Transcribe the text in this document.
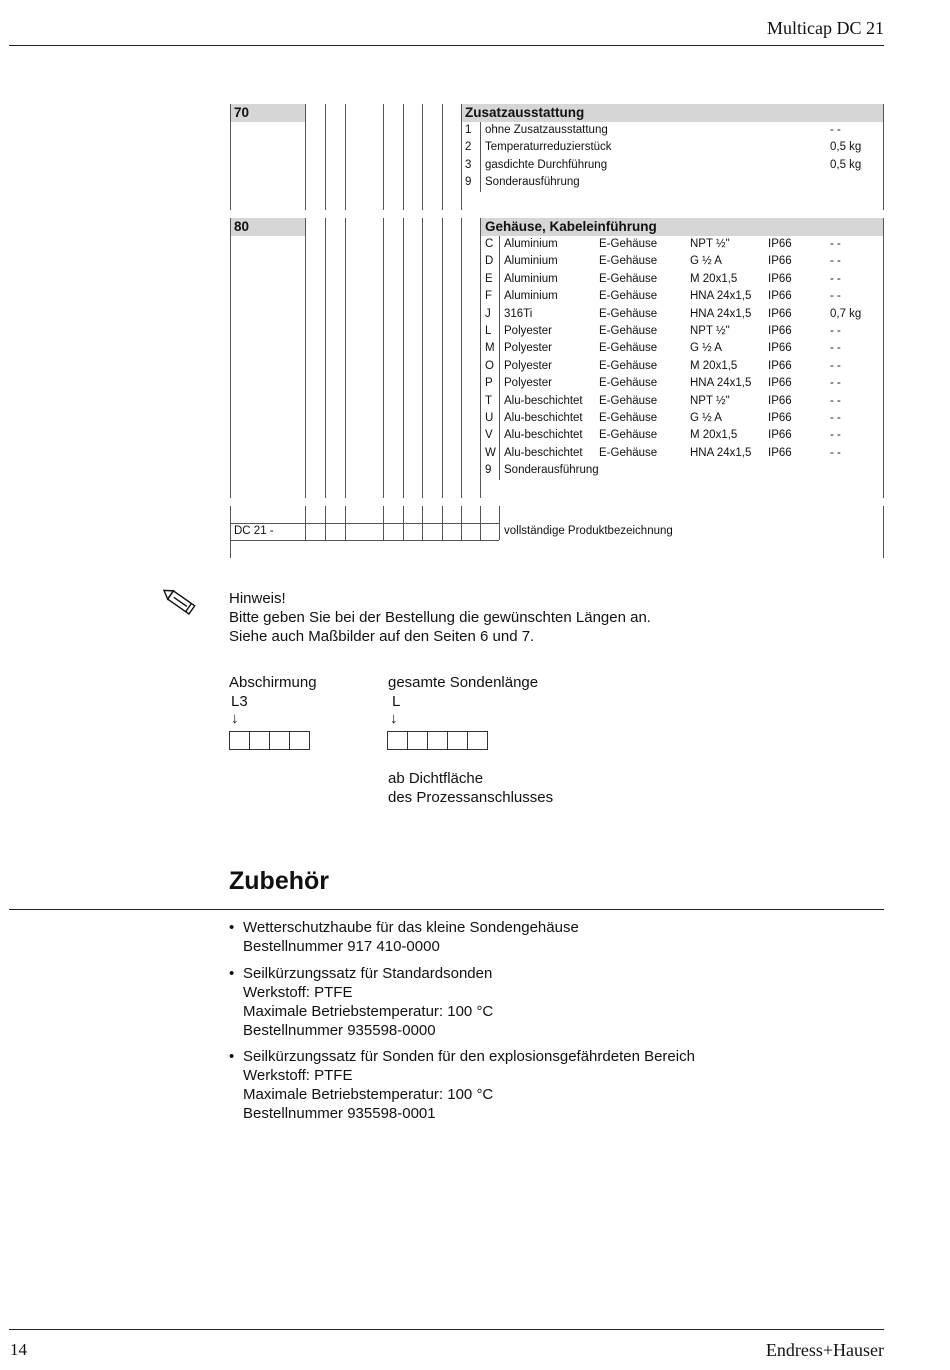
Multicap DC 21
70	Zusatzausstattung
1 ohne Zusatzausstattung	- -
2 Temperaturreduzierstück	0,5 kg
3 gasdichte Durchführung	0,5 kg
9 Sonderausführung
80	Gehäuse, Kabeleinführung
C Aluminium	E-Gehäuse	NPT ½"	IP66	- -
D Aluminium	E-Gehäuse	G ½ A	IP66	- -
E Aluminium	E-Gehäuse	M 20x1,5	IP66	- -
F Aluminium	E-Gehäuse	HNA 24x1,5 IP66	- -
J 316Ti	E-Gehäuse	HNA 24x1,5 IP66	0,7 kg
L Polyester	E-Gehäuse	NPT ½"	IP66	- -
M Polyester	E-Gehäuse	G ½ A	IP66	- -
O Polyester	E-Gehäuse	M 20x1,5	IP66	- -
P Polyester	E-Gehäuse	HNA 24x1,5 IP66	- -
T Alu-beschichtet E-Gehäuse	NPT ½"	IP66	- -
U Alu-beschichtet E-Gehäuse	G ½ A	IP66	- -
V Alu-beschichtet E-Gehäuse	M 20x1,5	IP66	- -
W Alu-beschichtet E-Gehäuse	HNA 24x1,5 IP66	- -
9 Sonderausführung
DC 21 -	vollständige Produktbezeichnung
Hinweis!
Bitte geben Sie bei der Bestellung die gewünschten Längen an.
Siehe auch Maßbilder auf den Seiten 6 und 7.
Abschirmung
L3
↓
gesamte Sondenlänge
L
↓
ab Dichtfläche
des Prozessanschlusses
Zubehör
• Wetterschutzhaube für das kleine Sondengehäuse
Bestellnummer 917 410-0000
• Seilkürzungssatz für Standardsonden
Werkstoff: PTFE
Maximale Betriebstemperatur: 100 °C
Bestellnummer 935598-0000
• Seilkürzungssatz für Sonden für den explosionsgefährdeten Bereich
Werkstoff: PTFE
Maximale Betriebstemperatur: 100 °C
Bestellnummer 935598-0001
14	Endress+Hauser
